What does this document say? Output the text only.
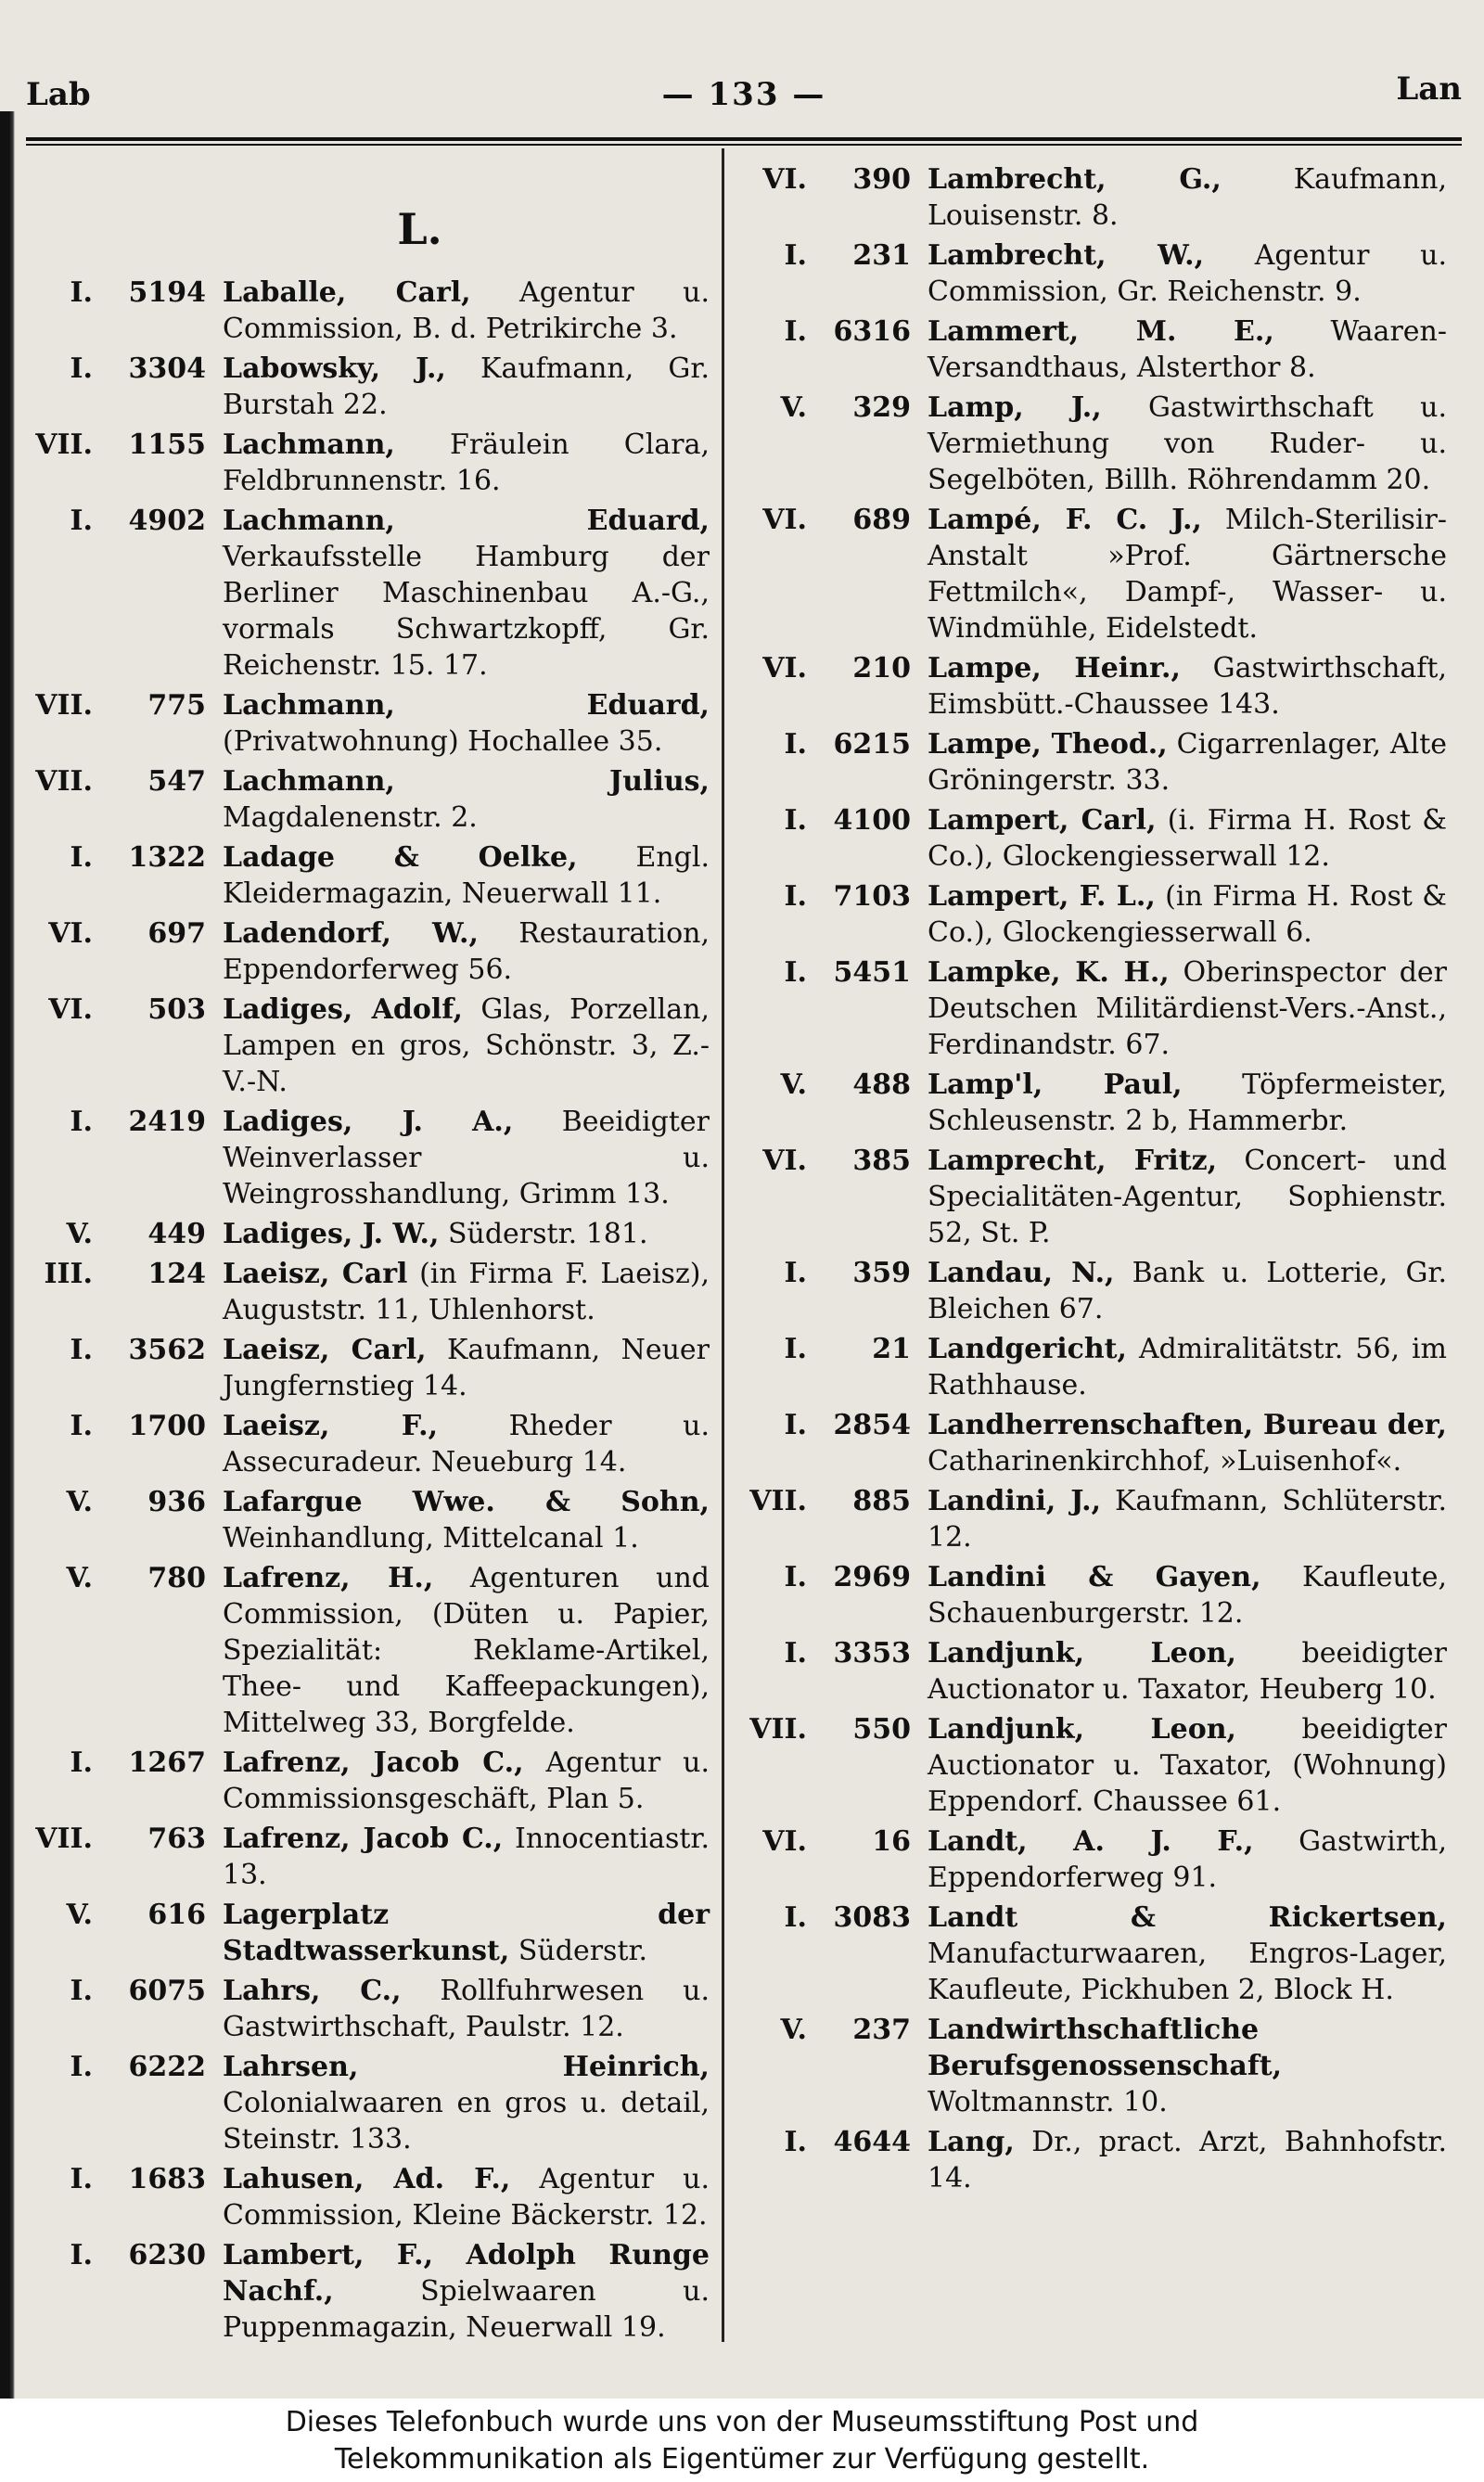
Lab	— 133 —	Lan
L.
I. 5194 Laballe, Carl, Agentur u. Commission, B. d. Petrikirche 3.
I. 3304 Labowsky, J., Kaufmann, Gr. Burstah 22.
VII. 1155 Lachmann, Fräulein Clara, Feldbrunnenstr. 16.
I. 4902 Lachmann, Eduard, Verkaufsstelle Hamburg der Berliner Maschinenbau A.-G., vormals Schwartzkopff, Gr. Reichenstr. 15. 17.
VII. 775 Lachmann, Eduard, (Privatwohnung) Hochallee 35.
VII. 547 Lachmann, Julius, Magdalenenstr. 2.
I. 1322 Ladage & Oelke, Engl. Kleidermagazin, Neuerwall 11.
VI. 697 Ladendorf, W., Restauration, Eppendorferweg 56.
VI. 503 Ladiges, Adolf, Glas, Porzellan, Lampen en gros, Schönstr. 3, Z.-V.-N.
I. 2419 Ladiges, J. A., Beeidigter Weinverlasser u. Weingrosshandlung, Grimm 13.
V. 449 Ladiges, J. W., Süderstr. 181.
III. 124 Laeisz, Carl (in Firma F. Laeisz), Auguststr. 11, Uhlenhorst.
I. 3562 Laeisz, Carl, Kaufmann, Neuer Jungfernstieg 14.
I. 1700 Laeisz, F., Rheder u. Assecuradeur. Neueburg 14.
V. 936 Lafargue Wwe. & Sohn, Weinhandlung, Mittelcanal 1.
V. 780 Lafrenz, H., Agenturen und Commission, (Düten u. Papier, Spezialität: Reklame-Artikel, Thee- und Kaffeepackungen), Mittelweg 33, Borgfelde.
I. 1267 Lafrenz, Jacob C., Agentur u. Commissionsgeschäft, Plan 5.
VII. 763 Lafrenz, Jacob C., Innocentiastr. 13.
V. 616 Lagerplatz der Stadtwasserkunst, Süderstr.
I. 6075 Lahrs, C., Rollfuhrwesen u. Gastwirthschaft, Paulstr. 12.
I. 6222 Lahrsen, Heinrich, Colonialwaaren en gros u. detail, Steinstr. 133.
I. 1683 Lahusen, Ad. F., Agentur u. Commission, Kleine Bäckerstr. 12.
I. 6230 Lambert, F., Adolph Runge Nachf., Spielwaaren u. Puppenmagazin, Neuerwall 19.
VI. 390 Lambrecht, G., Kaufmann, Louisenstr. 8.
I. 231 Lambrecht, W., Agentur u. Commission, Gr. Reichenstr. 9.
I. 6316 Lammert, M. E., Waaren-Versandthaus, Alsterthor 8.
V. 329 Lamp, J., Gastwirthschaft u. Vermiethung von Ruder- u. Segelböten, Billh. Röhrendamm 20.
VI. 689 Lampé, F. C. J., Milch-Sterilisir-Anstalt »Prof. Gärtnersche Fettmilch«, Dampf-, Wasser- u. Windmühle, Eidelstedt.
VI. 210 Lampe, Heinr., Gastwirthschaft, Eimsbütt.-Chaussee 143.
I. 6215 Lampe, Theod., Cigarrenlager, Alte Gröningerstr. 33.
I. 4100 Lampert, Carl, (i. Firma H. Rost & Co.), Glockengiesserwall 12.
I. 7103 Lampert, F. L., (in Firma H. Rost & Co.), Glockengiesserwall 6.
I. 5451 Lampke, K. H., Oberinspector der Deutschen Militärdienst-Vers.-Anst., Ferdinandstr. 67.
V. 488 Lamp'l, Paul, Töpfermeister, Schleusenstr. 2 b, Hammerbr.
VI. 385 Lamprecht, Fritz, Concert- und Specialitäten-Agentur, Sophienstr. 52, St. P.
I. 359 Landau, N., Bank u. Lotterie, Gr. Bleichen 67.
I. 21 Landgericht, Admiralitätstr. 56, im Rathhause.
I. 2854 Landherrenschaften, Bureau der, Catharinenkirchhof, »Luisenhof«.
VII. 885 Landini, J., Kaufmann, Schlüterstr. 12.
I. 2969 Landini & Gayen, Kaufleute, Schauenburgerstr. 12.
I. 3353 Landjunk, Leon, beeidigter Auctionator u. Taxator, Heuberg 10.
VII. 550 Landjunk, Leon, beeidigter Auctionator u. Taxator, (Wohnung) Eppendorf. Chaussee 61.
VI. 16 Landt, A. J. F., Gastwirth, Eppendorferweg 91.
I. 3083 Landt & Rickertsen, Manufacturwaaren, Engros-Lager, Kaufleute, Pickhuben 2, Block H.
V. 237 Landwirthschaftliche Berufsgenossenschaft, Woltmannstr. 10.
I. 4644 Lang, Dr., pract. Arzt, Bahnhofstr. 14.
Dieses Telefonbuch wurde uns von der Museumsstiftung Post und
Telekommunikation als Eigentümer zur Verfügung gestellt.
